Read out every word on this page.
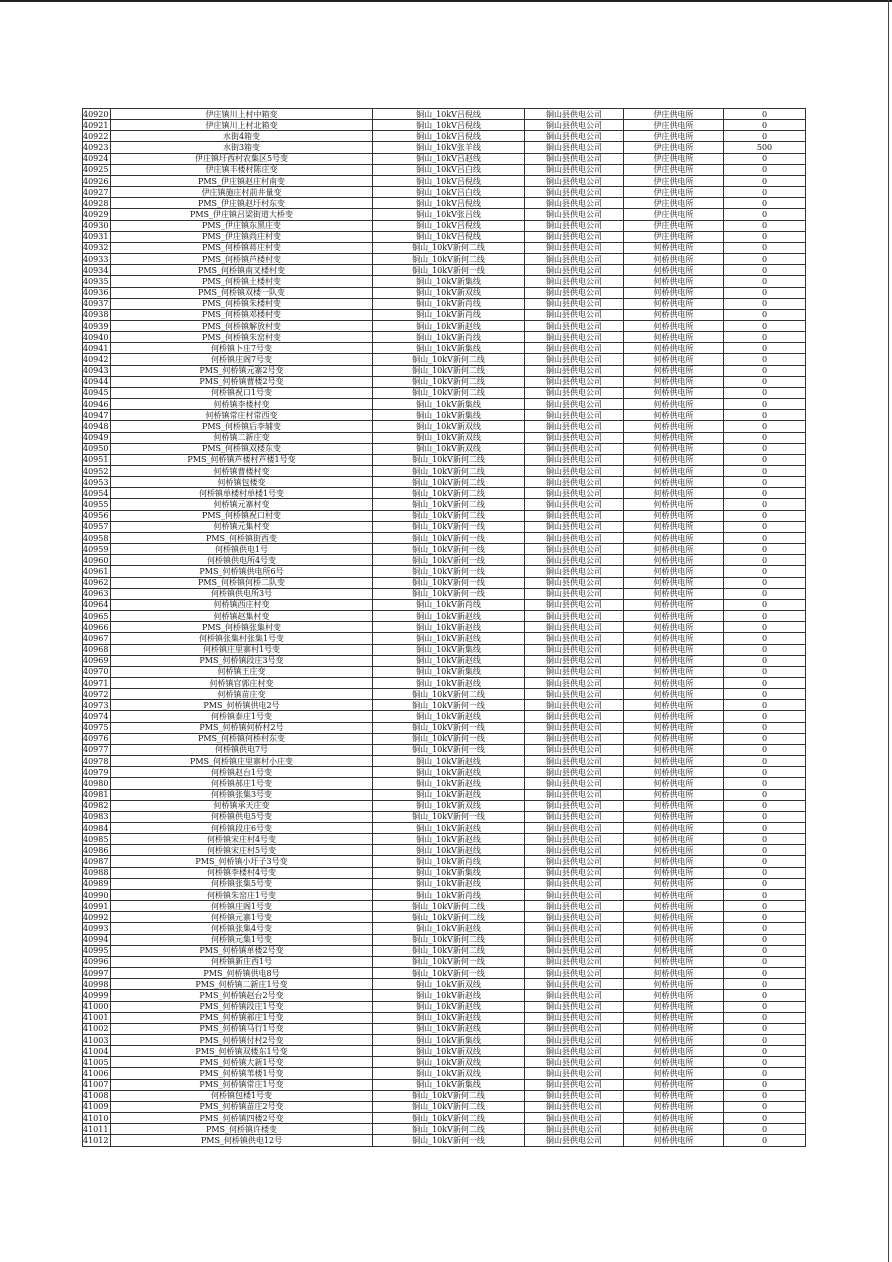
40920	伊庄镇川上村中箱变	铜山_10kV吕倪线	铜山县供电公司	伊庄供电所	0
40921	伊庄镇川上村北箱变	铜山_10kV吕倪线	铜山县供电公司	伊庄供电所	0
40922	水街4箱变	铜山_10kV吕倪线	铜山县供电公司	伊庄供电所	0
40923	水街3箱变	铜山_10kV张羊线	铜山县供电公司	伊庄供电所	500
40924	伊庄镇圩西村农集区5号变	铜山_10kV吕赵线	铜山县供电公司	伊庄供电所	0
40925	伊庄镇丰楼村陈庄变	铜山_10kV吕白线	铜山县供电公司	伊庄供电所	0
40926	PMS_伊庄镇赵庄村南变	铜山_10kV吕倪线	铜山县供电公司	伊庄供电所	0
40927	伊庄镇施庄村前井量变	铜山_10kV吕白线	铜山县供电公司	伊庄供电所	0
40928	PMS_伊庄镇赵圩村东变	铜山_10kV吕倪线	铜山县供电公司	伊庄供电所	0
40929	PMS_伊庄镇吕梁街道大桥变	铜山_10kV张吕线	铜山县供电公司	伊庄供电所	0
40930	PMS_伊庄镇东黑庄变	铜山_10kV吕倪线	铜山县供电公司	伊庄供电所	0
40931	PMS_伊庄镇尚庄村变	铜山_10kV吕倪线	铜山县供电公司	伊庄供电所	0
40932	PMS_何桥镇蒋庄村变	铜山_10kV新何二线	铜山县供电公司	何桥供电所	0
40933	PMS_何桥镇芦楼村变	铜山_10kV新何二线	铜山县供电公司	何桥供电所	0
40934	PMS_何桥镇南叉楼村变	铜山_10kV新何一线	铜山县供电公司	何桥供电所	0
40935	PMS_何桥镇土楼村变	铜山_10kV新集线	铜山县供电公司	何桥供电所	0
40936	PMS_何桥镇双楼一队变	铜山_10kV新双线	铜山县供电公司	何桥供电所	0
40937	PMS_何桥镇朱楼村变	铜山_10kV新肖线	铜山县供电公司	何桥供电所	0
40938	PMS_何桥镇邓楼村变	铜山_10kV新肖线	铜山县供电公司	何桥供电所	0
40939	PMS_何桥镇解放村变	铜山_10kV新赵线	铜山县供电公司	何桥供电所	0
40940	PMS_何桥镇朱窑村变	铜山_10kV新肖线	铜山县供电公司	何桥供电所	0
40941	何桥镇卜庄7号变	铜山_10kV新集线	铜山县供电公司	何桥供电所	0
40942	何桥镇庄阁7号变	铜山_10kV新何二线	铜山县供电公司	何桥供电所	0
40943	PMS_何桥镇元寨2号变	铜山_10kV新何二线	铜山县供电公司	何桥供电所	0
40944	PMS_何桥镇曹楼2号变	铜山_10kV新何二线	铜山县供电公司	何桥供电所	0
40945	何桥镇祝口1号变	铜山_10kV新何二线	铜山县供电公司	何桥供电所	0
40946	何桥镇李楼村变	铜山_10kV新集线	铜山县供电公司	何桥供电所	0
40947	何桥镇常庄村常西变	铜山_10kV新集线	铜山县供电公司	何桥供电所	0
40948	PMS_何桥镇后李辅变	铜山_10kV新双线	铜山县供电公司	何桥供电所	0
40949	何桥镇二新庄变	铜山_10kV新双线	铜山县供电公司	何桥供电所	0
40950	PMS_何桥镇双楼东变	铜山_10kV新双线	铜山县供电公司	何桥供电所	0
40951	PMS_何桥镇芦楼村芦楼1号变	铜山_10kV新何二线	铜山县供电公司	何桥供电所	0
40952	何桥镇曹楼村变	铜山_10kV新何二线	铜山县供电公司	何桥供电所	0
40953	何桥镇包楼变	铜山_10kV新何二线	铜山县供电公司	何桥供电所	0
40954	何桥镇单楼村单楼1号变	铜山_10kV新何二线	铜山县供电公司	何桥供电所	0
40955	何桥镇元寨村变	铜山_10kV新何二线	铜山县供电公司	何桥供电所	0
40956	PMS_何桥镇祝口村变	铜山_10kV新何二线	铜山县供电公司	何桥供电所	0
40957	何桥镇元集村变	铜山_10kV新何一线	铜山县供电公司	何桥供电所	0
40958	PMS_何桥镇街西变	铜山_10kV新何一线	铜山县供电公司	何桥供电所	0
40959	何桥镇供电1号	铜山_10kV新何一线	铜山县供电公司	何桥供电所	0
40960	何桥镇供电所4号变	铜山_10kV新何一线	铜山县供电公司	何桥供电所	0
40961	PMS_何桥镇供电所6号	铜山_10kV新何一线	铜山县供电公司	何桥供电所	0
40962	PMS_何桥镇何桥二队变	铜山_10kV新何一线	铜山县供电公司	何桥供电所	0
40963	何桥镇供电所3号	铜山_10kV新何一线	铜山县供电公司	何桥供电所	0
40964	何桥镇西庄村变	铜山_10kV新肖线	铜山县供电公司	何桥供电所	0
40965	何桥镇赵集村变	铜山_10kV新赵线	铜山县供电公司	何桥供电所	0
40966	PMS_何桥镇张集村变	铜山_10kV新赵线	铜山县供电公司	何桥供电所	0
40967	何桥镇张集村张集1号变	铜山_10kV新赵线	铜山县供电公司	何桥供电所	0
40968	何桥镇庄里寨村1号变	铜山_10kV新集线	铜山县供电公司	何桥供电所	0
40969	PMS_何桥镇段庄3号变	铜山_10kV新赵线	铜山县供电公司	何桥供电所	0
40970	何桥镇王庄变	铜山_10kV新集线	铜山县供电公司	何桥供电所	0
40971	何桥镇官郭庄村变	铜山_10kV新赵线	铜山县供电公司	何桥供电所	0
40972	何桥镇苗庄变	铜山_10kV新何二线	铜山县供电公司	何桥供电所	0
40973	PMS_何桥镇供电2号	铜山_10kV新何一线	铜山县供电公司	何桥供电所	0
40974	何桥镇泰庄1号变	铜山_10kV新赵线	铜山县供电公司	何桥供电所	0
40975	PMS_何桥镇何桥村2号	铜山_10kV新何一线	铜山县供电公司	何桥供电所	0
40976	PMS_何桥镇何桥村东变	铜山_10kV新何一线	铜山县供电公司	何桥供电所	0
40977	何桥镇供电7号	铜山_10kV新何一线	铜山县供电公司	何桥供电所	0
40978	PMS_何桥镇庄里寨村小庄变	铜山_10kV新赵线	铜山县供电公司	何桥供电所	0
40979	何桥镇赵台1号变	铜山_10kV新赵线	铜山县供电公司	何桥供电所	0
40980	何桥镇郝庄1号变	铜山_10kV新赵线	铜山县供电公司	何桥供电所	0
40981	何桥镇张集3号变	铜山_10kV新赵线	铜山县供电公司	何桥供电所	0
40982	何桥镇承天庄变	铜山_10kV新双线	铜山县供电公司	何桥供电所	0
40983	何桥镇供电5号变	铜山_10kV新何一线	铜山县供电公司	何桥供电所	0
40984	何桥镇段庄6号变	铜山_10kV新赵线	铜山县供电公司	何桥供电所	0
40985	何桥镇宋庄村4号变	铜山_10kV新赵线	铜山县供电公司	何桥供电所	0
40986	何桥镇宋庄村5号变	铜山_10kV新赵线	铜山县供电公司	何桥供电所	0
40987	PMS_何桥镇小圩子3号变	铜山_10kV新肖线	铜山县供电公司	何桥供电所	0
40988	何桥镇李楼村4号变	铜山_10kV新集线	铜山县供电公司	何桥供电所	0
40989	何桥镇张集5号变	铜山_10kV新赵线	铜山县供电公司	何桥供电所	0
40990	何桥镇朱窑庄1号变	铜山_10kV新肖线	铜山县供电公司	何桥供电所	0
40991	何桥镇庄阁1号变	铜山_10kV新何二线	铜山县供电公司	何桥供电所	0
40992	何桥镇元寨1号变	铜山_10kV新何二线	铜山县供电公司	何桥供电所	0
40993	何桥镇张集4号变	铜山_10kV新赵线	铜山县供电公司	何桥供电所	0
40994	何桥镇元集1号变	铜山_10kV新何二线	铜山县供电公司	何桥供电所	0
40995	PMS_何桥镇单楼2号变	铜山_10kV新何二线	铜山县供电公司	何桥供电所	0
40996	何桥镇新庄西1号	铜山_10kV新何一线	铜山县供电公司	何桥供电所	0
40997	PMS_何桥镇供电8号	铜山_10kV新何一线	铜山县供电公司	何桥供电所	0
40998	PMS_何桥镇二新庄1号变	铜山_10kV新双线	铜山县供电公司	何桥供电所	0
40999	PMS_何桥镇赵台2号变	铜山_10kV新赵线	铜山县供电公司	何桥供电所	0
41000	PMS_何桥镇段庄1号变	铜山_10kV新赵线	铜山县供电公司	何桥供电所	0
41001	PMS_何桥镇郝庄1号变	铜山_10kV新赵线	铜山县供电公司	何桥供电所	0
41002	PMS_何桥镇马行1号变	铜山_10kV新赵线	铜山县供电公司	何桥供电所	0
41003	PMS_何桥镇付村2号变	铜山_10kV新集线	铜山县供电公司	何桥供电所	0
41004	PMS_何桥镇双楼东1号变	铜山_10kV新双线	铜山县供电公司	何桥供电所	0
41005	PMS_何桥镇大新1号变	铜山_10kV新双线	铜山县供电公司	何桥供电所	0
41006	PMS_何桥镇苇楼1号变	铜山_10kV新双线	铜山县供电公司	何桥供电所	0
41007	PMS_何桥镇常庄1号变	铜山_10kV新集线	铜山县供电公司	何桥供电所	0
41008	何桥镇包楼1号变	铜山_10kV新何二线	铜山县供电公司	何桥供电所	0
41009	PMS_何桥镇苗庄2号变	铜山_10kV新何二线	铜山县供电公司	何桥供电所	0
41010	PMS_何桥镇四楼2号变	铜山_10kV新何二线	铜山县供电公司	何桥供电所	0
41011	PMS_何桥镇许楼变	铜山_10kV新何二线	铜山县供电公司	何桥供电所	0
41012	PMS_何桥镇供电12号	铜山_10kV新何一线	铜山县供电公司	何桥供电所	0
